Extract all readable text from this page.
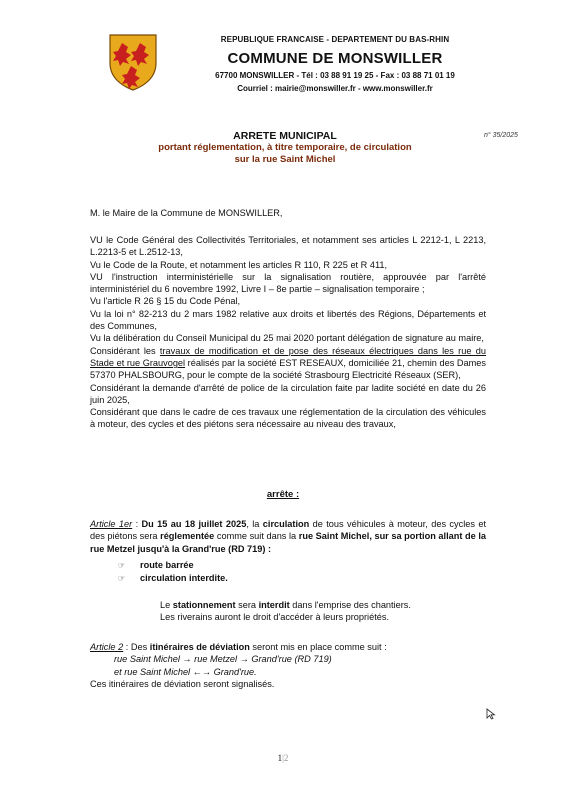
REPUBLIQUE FRANCAISE - DEPARTEMENT DU BAS-RHIN
COMMUNE DE MONSWILLER
67700 MONSWILLER - Tél : 03 88 91 19 25 - Fax : 03 88 71 01 19
Courriel : mairie@monswiller.fr - www.monswiller.fr
ARRETE MUNICIPAL
portant réglementation, à titre temporaire, de circulation
sur la rue Saint Michel
n° 35/2025
M. le Maire de la Commune de MONSWILLER,

VU le Code Général des Collectivités Territoriales, et notamment ses articles L 2212-1, L 2213, L.2213-5 et L.2512-13,

Vu le Code de la Route, et notamment les articles R 110, R 225 et R 411,

VU l'instruction interministérielle sur la signalisation routière, approuvée par l'arrêté interministériel du 6 novembre 1992, Livre I – 8e partie – signalisation temporaire ;

Vu l'article R 26 § 15 du Code Pénal,

Vu la loi n° 82-213 du 2 mars 1982 relative aux droits et libertés des Régions, Départements et des Communes,

Vu la délibération du Conseil Municipal du 25 mai 2020 portant délégation de signature au maire,

Considérant les travaux de modification et de pose des réseaux électriques dans les rue du Stade et rue Grauvogel réalisés par la société EST RESEAUX, domiciliée 21, chemin des Dames 57370 PHALSBOURG, pour le compte de la société Strasbourg Electricité Réseaux (SER),

Considérant la demande d'arrêté de police de la circulation faite par ladite société en date du 26 juin 2025,

Considérant que dans le cadre de ces travaux une réglementation de la circulation des véhicules à moteur, des cycles et des piétons sera nécessaire au niveau des travaux,

arrête :

Article 1er : Du 15 au 18 juillet 2025, la circulation de tous véhicules à moteur, des cycles et des piétons sera réglementée comme suit dans la rue Saint Michel, sur sa portion allant de la rue Metzel jusqu'à la Grand'rue (RD 719) :

☞ route barrée
☞ circulation interdite.
Le stationnement sera interdit dans l'emprise des chantiers.
Les riverains auront le droit d'accéder à leurs propriétés.

Article 2 : Des itinéraires de déviation seront mis en place comme suit :

rue Saint Michel → rue Metzel → Grand'rue (RD 719)

et rue Saint Michel ←→ Grand'rue.

Ces itinéraires de déviation seront signalisés.

1|2
